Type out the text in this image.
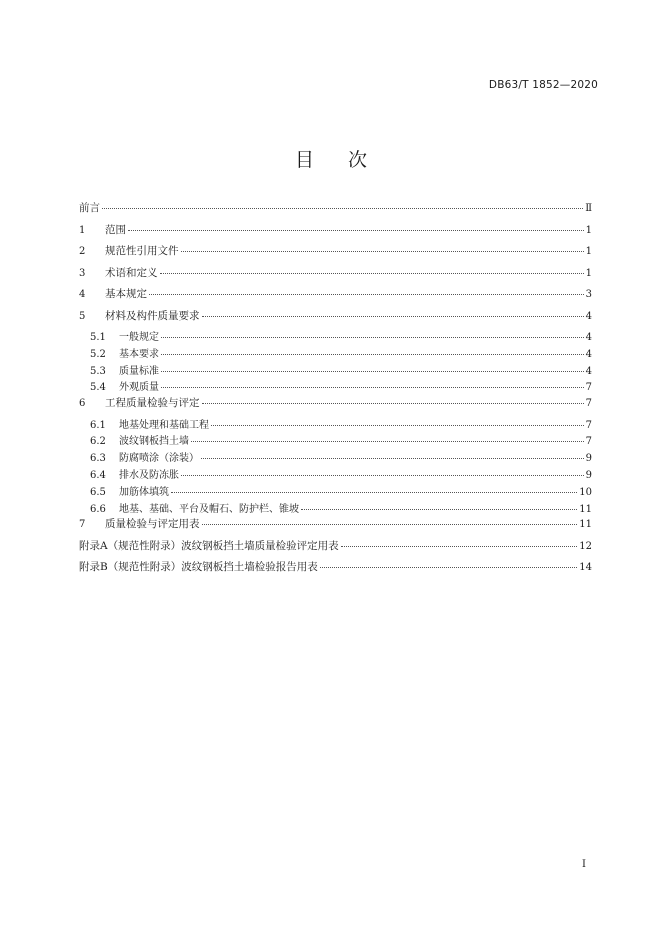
DB63/T 1852—2020
目 次
前言	Ⅱ
1	范围	1
2	规范性引用文件	1
3	术语和定义	1
4	基本规定	3
5	材料及构件质量要求	4
5.1	一般规定	4
5.2	基本要求	4
5.3	质量标准	4
5.4	外观质量	7
6	工程质量检验与评定	7
6.1	地基处理和基础工程	7
6.2	波纹钢板挡土墙	7
6.3	防腐喷涂（涂装）	9
6.4	排水及防冻胀	9
6.5	加筋体填筑	10
6.6	地基、基础、平台及帽石、防护栏、锥坡	11
7	质量检验与评定用表	11
附录A（规范性附录）波纹钢板挡土墙质量检验评定用表	12
附录B（规范性附录）波纹钢板挡土墙检验报告用表	14
I
